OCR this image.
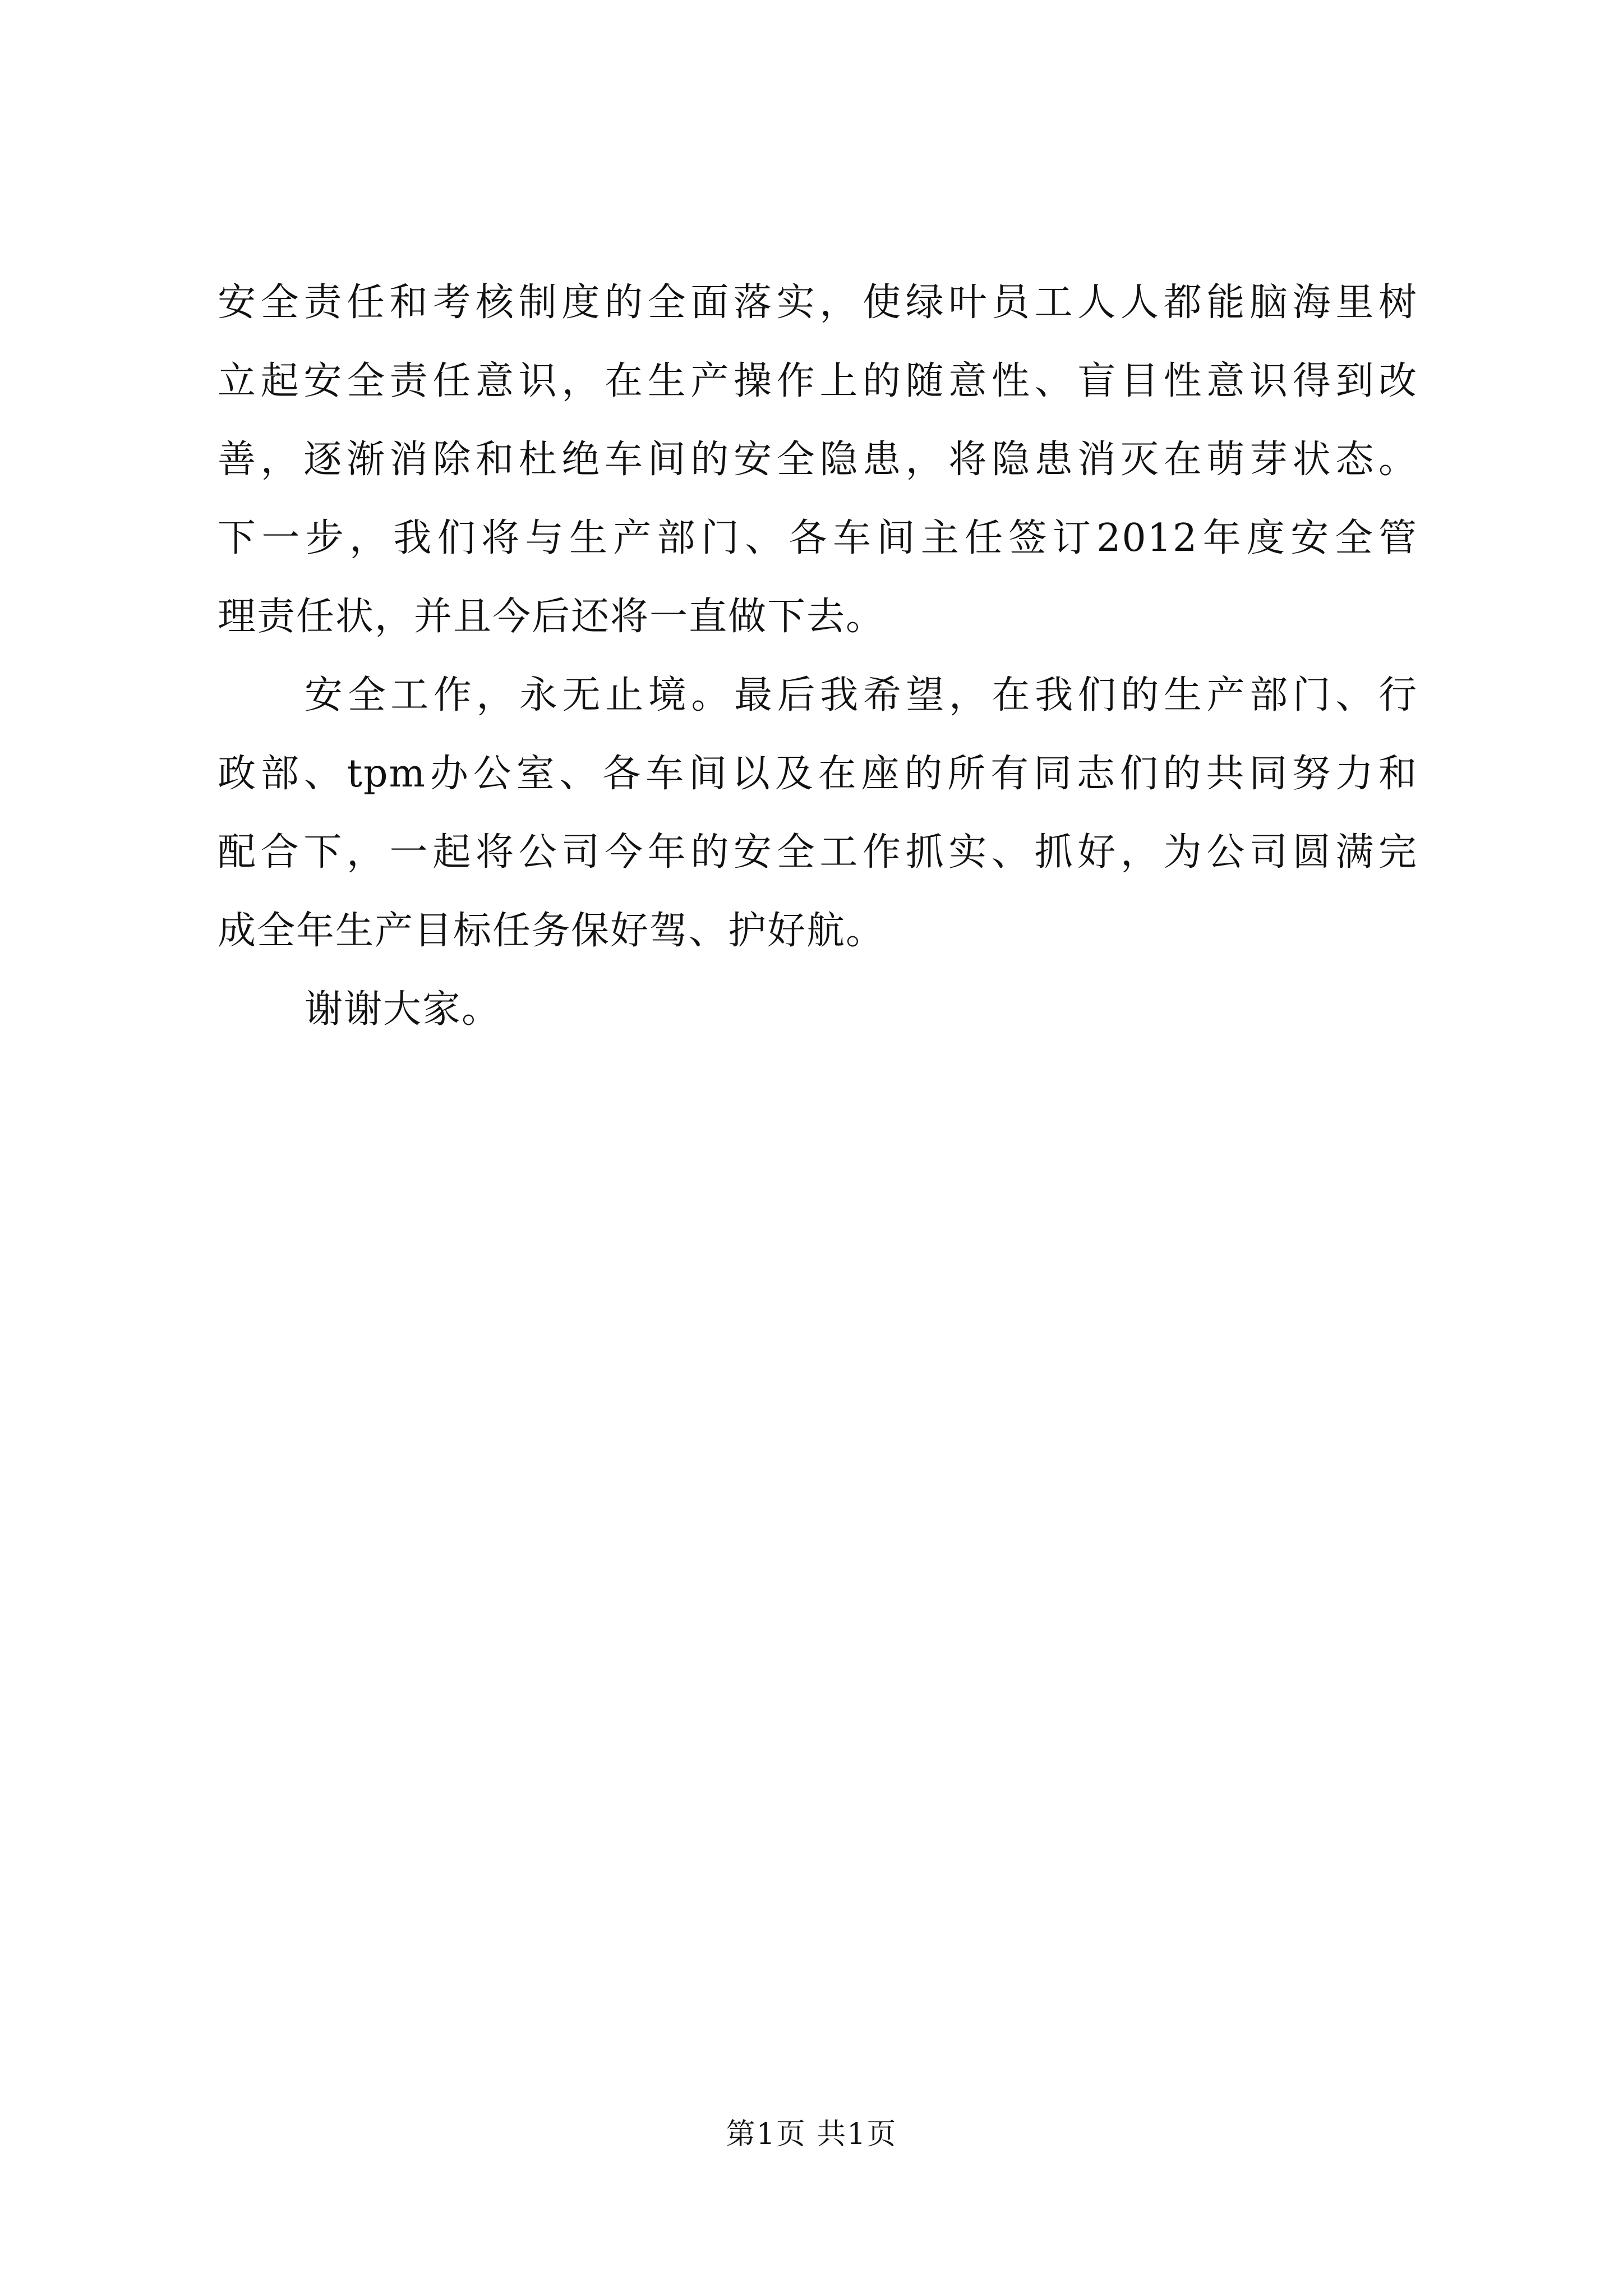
安全责任和考核制度的全面落实，使绿叶员工人人都能脑海里树
立起安全责任意识，在生产操作上的随意性、盲目性意识得到改
善，逐渐消除和杜绝车间的安全隐患，将隐患消灭在萌芽状态。
下一步，我们将与生产部门、各车间主任签订2012年度安全管
理责任状，并且今后还将一直做下去。
安全工作，永无止境。最后我希望，在我们的生产部门、行
政部、tpm办公室、各车间以及在座的所有同志们的共同努力和
配合下，一起将公司今年的安全工作抓实、抓好，为公司圆满完
成全年生产目标任务保好驾、护好航。
谢谢大家。
第1页 共1页
